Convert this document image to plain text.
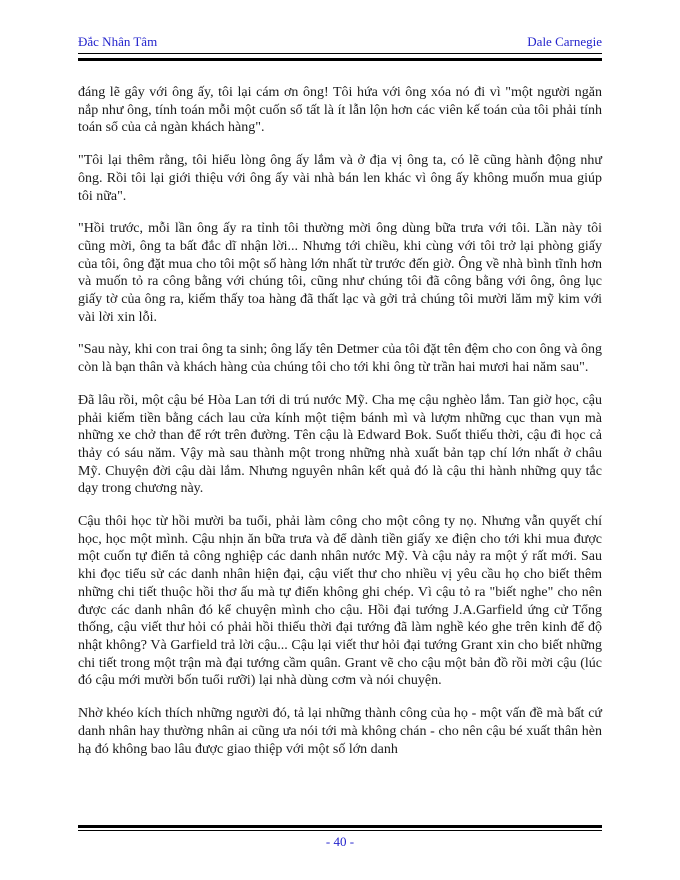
Đắc Nhân Tâm	Dale Carnegie

đáng lẽ gây với ông ấy, tôi lại cám ơn ông! Tôi hứa với ông xóa nó đi vì "một người ngăn nắp như ông, tính toán mỗi một cuốn sổ tất là ít lẫn lộn hơn các viên kế toán của tôi phải tính toán sổ của cả ngàn khách hàng".

"Tôi lại thêm rằng, tôi hiểu lòng ông ấy lắm và ở địa vị ông ta, có lẽ cũng hành động như ông. Rồi tôi lại giới thiệu với ông ấy vài nhà bán len khác vì ông ấy không muốn mua giúp tôi nữa".

"Hồi trước, mỗi lần ông ấy ra tỉnh tôi thường mời ông dùng bữa trưa với tôi. Lần này tôi cũng mời, ông ta bất đắc dĩ nhận lời... Nhưng tới chiều, khi cùng với tôi trở lại phòng giấy của tôi, ông đặt mua cho tôi một số hàng lớn nhất từ trước đến giờ. Ông về nhà bình tĩnh hơn và muốn tỏ ra công bằng với chúng tôi, cũng như chúng tôi đã công bằng với ông, ông lục giấy tờ của ông ra, kiếm thấy toa hàng đã thất lạc và gởi trả chúng tôi mười lăm mỹ kim với vài lời xin lỗi.

"Sau này, khi con trai ông ta sinh; ông lấy tên Detmer của tôi đặt tên đệm cho con ông và ông còn là bạn thân và khách hàng của chúng tôi cho tới khi ông từ trần hai mươi hai năm sau".

Đã lâu rồi, một cậu bé Hòa Lan tới di trú nước Mỹ. Cha mẹ cậu nghèo lắm. Tan giờ học, cậu phải kiếm tiền bằng cách lau cửa kính một tiệm bánh mì và lượm những cục than vụn mà những xe chở than để rớt trên đường. Tên cậu là Edward Bok. Suốt thiếu thời, cậu đi học cả thảy có sáu năm. Vậy mà sau thành một trong những nhà xuất bản tạp chí lớn nhất ở châu Mỹ. Chuyện đời cậu dài lắm. Nhưng nguyên nhân kết quả đó là cậu thi hành những quy tắc dạy trong chương này.

Cậu thôi học từ hồi mười ba tuổi, phải làm công cho một công ty nọ. Nhưng vẫn quyết chí học, học một mình. Cậu nhịn ăn bữa trưa và để dành tiền giấy xe điện cho tới khi mua được một cuốn tự điển tả công nghiệp các danh nhân nước Mỹ. Và cậu nảy ra một ý rất mới. Sau khi đọc tiểu sử các danh nhân hiện đại, cậu viết thư cho nhiều vị yêu cầu họ cho biết thêm những chi tiết thuộc hồi thơ ấu mà tự điển không ghi chép. Vì cậu tỏ ra "biết nghe" cho nên được các danh nhân đó kể chuyện mình cho cậu. Hồi đại tướng J.A.Garfield ứng cử Tổng thống, cậu viết thư hỏi có phải hồi thiếu thời đại tướng đã làm nghề kéo ghe trên kinh để độ nhật không? Và Garfield trả lời cậu... Cậu lại viết thư hỏi đại tướng Grant xin cho biết những chi tiết trong một trận mà đại tướng cầm quân. Grant vẽ cho cậu một bản đồ rồi mời cậu (lúc đó cậu mới mười bốn tuổi rưỡi) lại nhà dùng cơm và nói chuyện.

Nhờ khéo kích thích những người đó, tả lại những thành công của họ - một vấn đề mà bất cứ danh nhân hay thường nhân ai cũng ưa nói tới mà không chán - cho nên cậu bé xuất thân hèn hạ đó không bao lâu được giao thiệp với một số lớn danh

- 40 -
